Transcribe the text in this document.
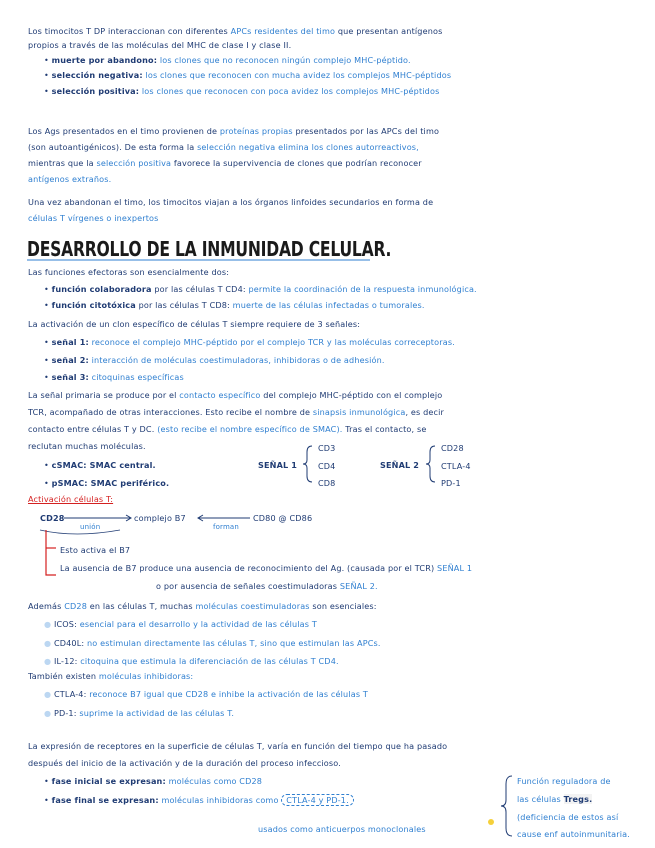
Los timocitos T DP interaccionan con diferentes APCs residentes del timo que presentan antígenos
propios a través de las moléculas del MHC de clase I y clase II.
• muerte por abandono: los clones que no reconocen ningún complejo MHC-péptido.
• selección negativa: los clones que reconocen con mucha avidez los complejos MHC-péptidos
• selección positiva: los clones que reconocen con poca avidez los complejos MHC-péptidos
Los Ags presentados en el timo provienen de proteínas propias presentados por las APCs del timo
(son autoantigénicos). De esta forma la selección negativa elimina los clones autorreactivos,
mientras que la selección positiva favorece la supervivencia de clones que podrían reconocer
antígenos extraños.
Una vez abandonan el timo, los timocitos viajan a los órganos linfoides secundarios en forma de
células T vírgenes o inexpertos
DESARROLLO DE LA INMUNIDAD CELULAR.
Las funciones efectoras son esencialmente dos:
• función colaboradora por las células T CD4: permite la coordinación de la respuesta inmunológica.
• función citotóxica por las células T CD8: muerte de las células infectadas o tumorales.
La activación de un clon específico de células T siempre requiere de 3 señales:
• señal 1: reconoce el complejo MHC-péptido por el complejo TCR y las moléculas correceptoras.
• señal 2: interacción de moléculas coestimuladoras, inhibidoras o de adhesión.
• señal 3: citoquinas específicas
La señal primaria se produce por el contacto específico del complejo MHC-péptido con el complejo
TCR, acompañado de otras interacciones. Esto recibe el nombre de sinapsis inmunológica, es decir
contacto entre células T y DC. (esto recibe el nombre específico de SMAC). Tras el contacto, se
reclutan muchas moléculas.
• cSMAC: SMAC central.
• pSMAC: SMAC periférico.
SEÑAL 1
CD3
CD4
CD8
SEÑAL 2
CD28
CTLA-4
PD-1
Activación células T:
CD28
unión
complejo B7
forman
CD80 @ CD86
Esto activa el B7
La ausencia de B7 produce una ausencia de reconocimiento del Ag. (causada por el TCR) SEÑAL 1
o por ausencia de señales coestimuladoras SEÑAL 2.
Además CD28 en las células T, muchas moléculas coestimuladoras son esenciales:
● ICOS: esencial para el desarrollo y la actividad de las células T
● CD40L: no estimulan directamente las células T, sino que estimulan las APCs.
● IL-12: citoquina que estimula la diferenciación de las células T CD4.
También existen moléculas inhibidoras:
● CTLA-4: reconoce B7 igual que CD28 e inhibe la activación de las células T
● PD-1: suprime la actividad de las células T.
La expresión de receptores en la superficie de células T, varía en función del tiempo que ha pasado
después del inicio de la activación y de la duración del proceso infeccioso.
• fase inicial se expresan: moléculas como CD28
• fase final se expresan: moléculas inhibidoras como CTLA-4 y PD-1.
usados como anticuerpos monoclonales
Función reguladora de
las células Tregs.
(deficiencia de estos así
cause enf autoinmunitaria.
